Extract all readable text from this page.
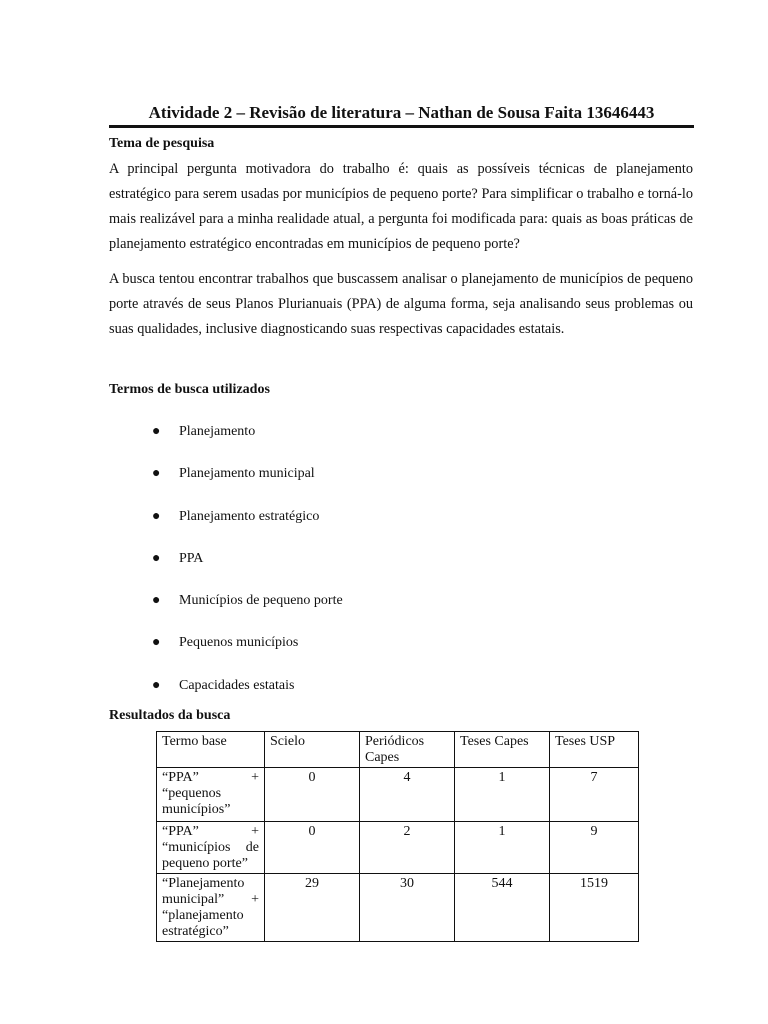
Atividade 2 – Revisão de literatura – Nathan de Sousa Faita 13646443
Tema de pesquisa
A principal pergunta motivadora do trabalho é: quais as possíveis técnicas de planejamento estratégico para serem usadas por municípios de pequeno porte? Para simplificar o trabalho e torná-lo mais realizável para a minha realidade atual, a pergunta foi modificada para: quais as boas práticas de planejamento estratégico encontradas em municípios de pequeno porte?
A busca tentou encontrar trabalhos que buscassem analisar o planejamento de municípios de pequeno porte através de seus Planos Plurianuais (PPA) de alguma forma, seja analisando seus problemas ou suas qualidades, inclusive diagnosticando suas respectivas capacidades estatais.
Termos de busca utilizados
●	Planejamento
●	Planejamento municipal
●	Planejamento estratégico
●	PPA
●	Municípios de pequeno porte
●	Pequenos municípios
●	Capacidades estatais
Resultados da busca
Termo base	Scielo	Periódicos Capes	Teses Capes	Teses USP

“PPA” +
“pequenos
municípios”	0	4	1	7

“PPA” +
“municípios de
pequeno porte”	0	2	1	9

“Planejamento
municipal” +
“planejamento
estratégico”	29	30	544	1519
